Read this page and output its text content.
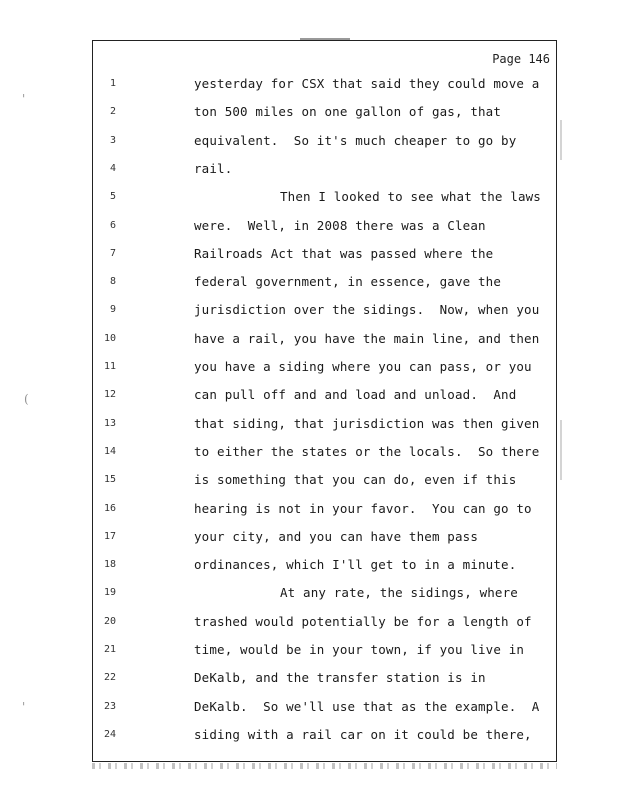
'
(
'
Page 146
1	yesterday for CSX that said they could move a
2	ton 500 miles on one gallon of gas, that
3	equivalent.  So it's much cheaper to go by
4	rail.
5	Then I looked to see what the laws
6	were.  Well, in 2008 there was a Clean
7	Railroads Act that was passed where the
8	federal government, in essence, gave the
9	jurisdiction over the sidings.  Now, when you
10	have a rail, you have the main line, and then
11	you have a siding where you can pass, or you
12	can pull off and and load and unload.  And
13	that siding, that jurisdiction was then given
14	to either the states or the locals.  So there
15	is something that you can do, even if this
16	hearing is not in your favor.  You can go to
17	your city, and you can have them pass
18	ordinances, which I'll get to in a minute.
19	At any rate, the sidings, where
20	trashed would potentially be for a length of
21	time, would be in your town, if you live in
22	DeKalb, and the transfer station is in
23	DeKalb.  So we'll use that as the example.  A
24	siding with a rail car on it could be there,
